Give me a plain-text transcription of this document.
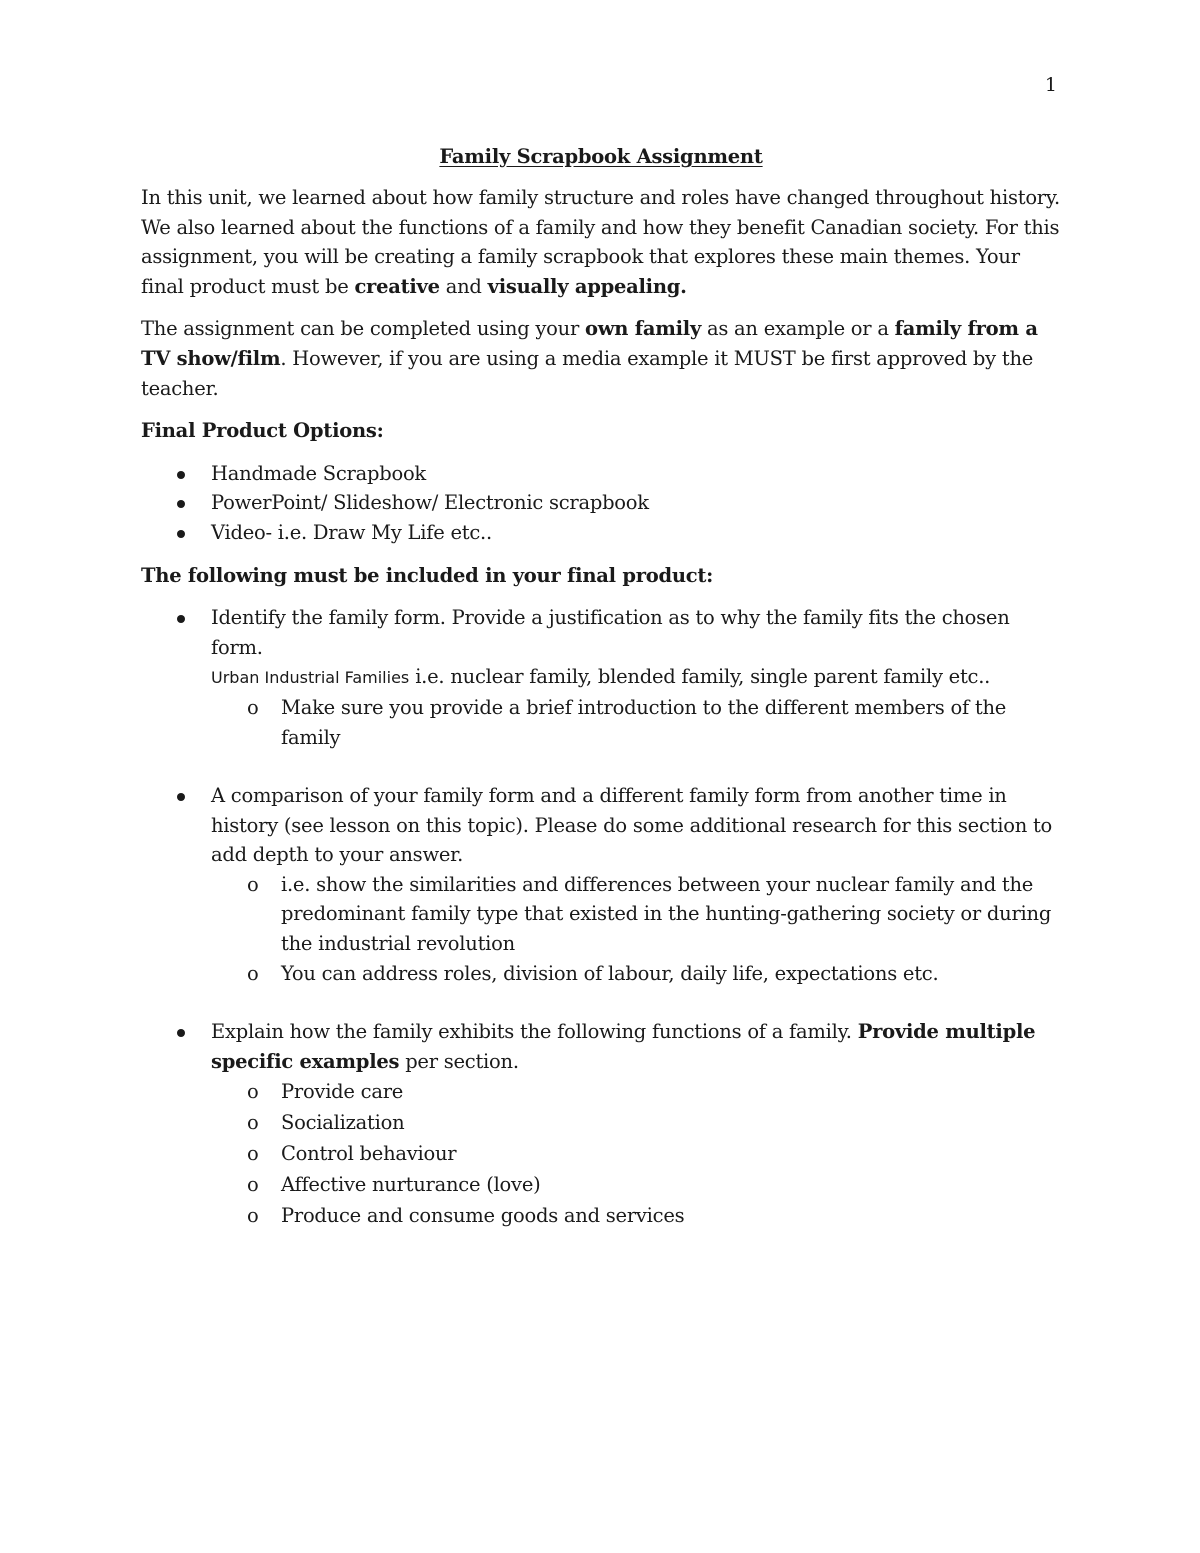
1
Family Scrapbook Assignment

In this unit, we learned about how family structure and roles have changed throughout history. We also learned about the functions of a family and how they benefit Canadian society. For this assignment, you will be creating a family scrapbook that explores these main themes. Your final product must be creative and visually appealing.

The assignment can be completed using your own family as an example or a family from a TV show/film. However, if you are using a media example it MUST be first approved by the teacher.

Final Product Options:
Handmade Scrapbook
PowerPoint/ Slideshow/ Electronic scrapbook
Video- i.e. Draw My Life etc..
The following must be included in your final product:
Identify the family form. Provide a justification as to why the family fits the chosen form.
Urban Industrial Families i.e. nuclear family, blended family, single parent family etc..
o Make sure you provide a brief introduction to the different members of the family
A comparison of your family form and a different family form from another time in history (see lesson on this topic). Please do some additional research for this section to add depth to your answer.
o i.e. show the similarities and differences between your nuclear family and the predominant family type that existed in the hunting-gathering society or during the industrial revolution
o You can address roles, division of labour, daily life, expectations etc.
Explain how the family exhibits the following functions of a family. Provide multiple specific examples per section.
o Provide care
o Socialization
o Control behaviour
o Affective nurturance (love)
o Produce and consume goods and services
